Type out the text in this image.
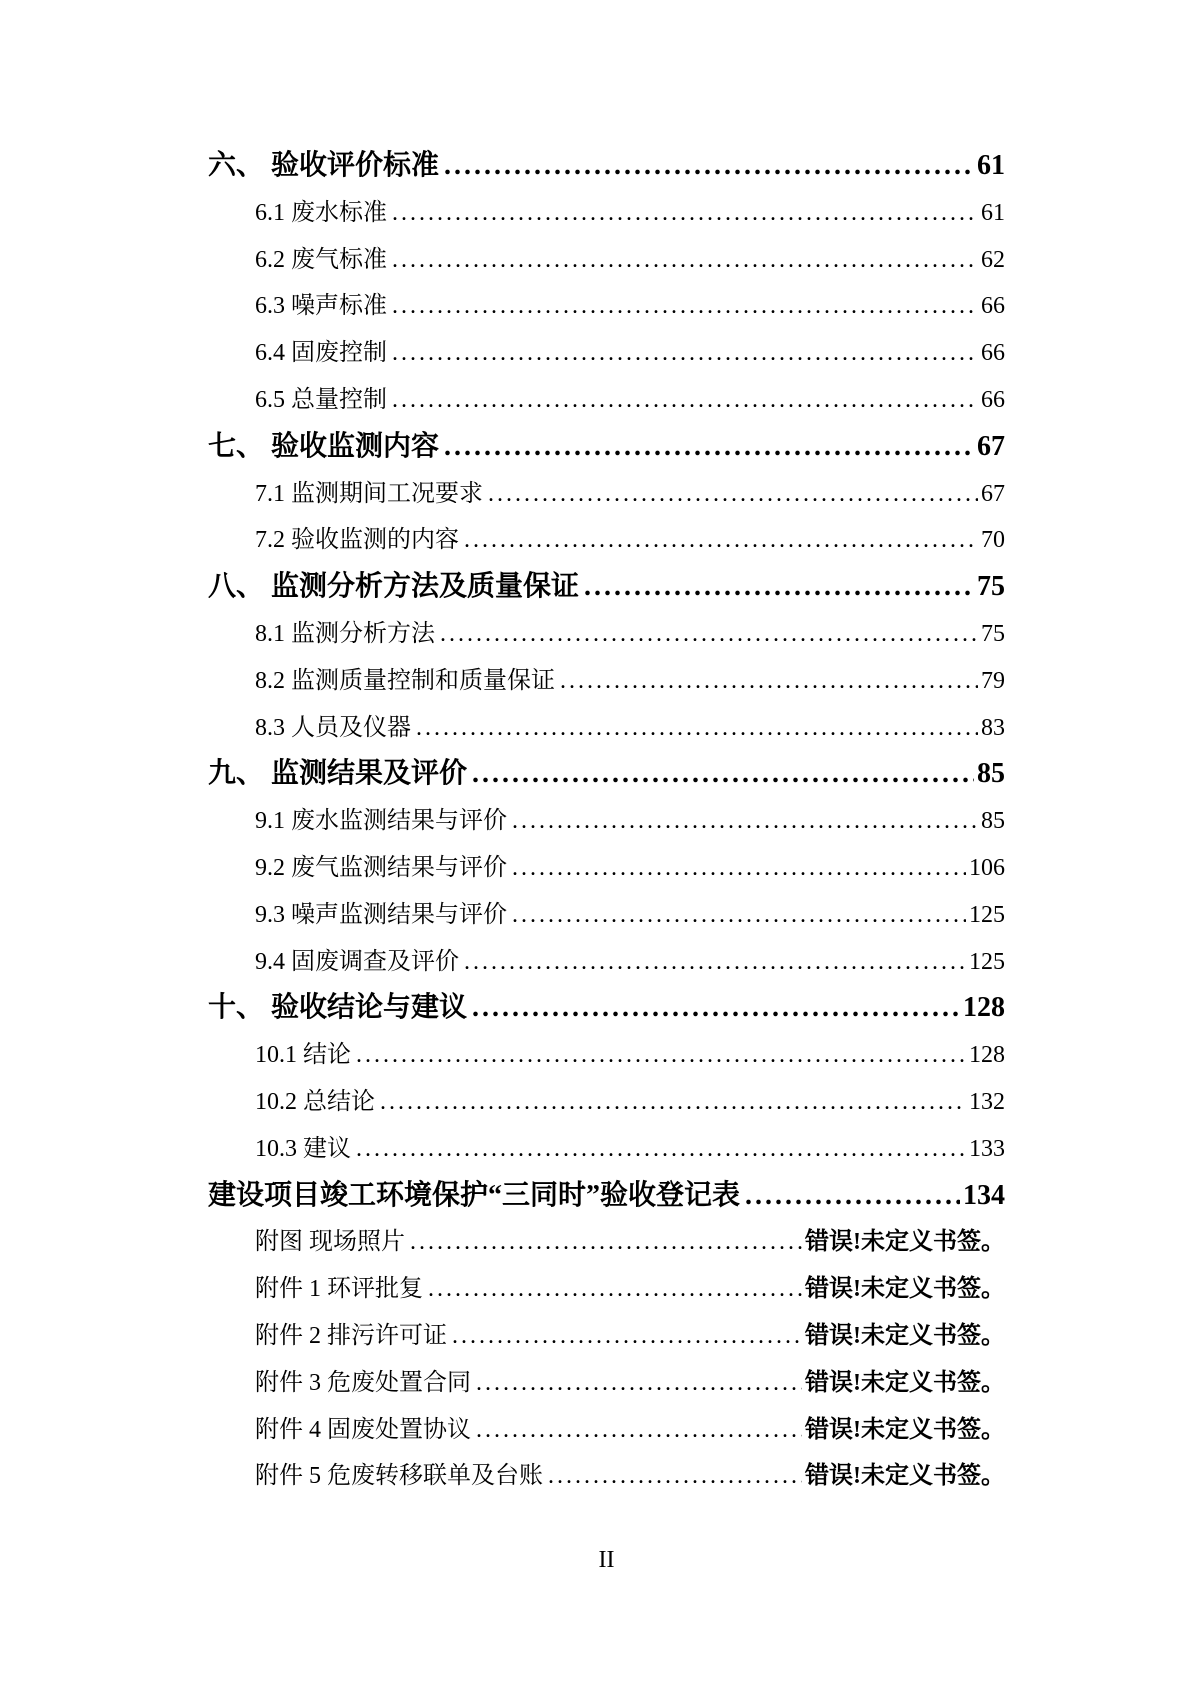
六、 验收评价标准 .....	61
6.1 废水标准 .....	61
6.2 废气标准 .....	62
6.3 噪声标准 .....	66
6.4 固废控制 .....	66
6.5 总量控制 .....	66
七、 验收监测内容 .....	67
7.1 监测期间工况要求 .....	67
7.2 验收监测的内容 .....	70
八、 监测分析方法及质量保证 .....	75
8.1 监测分析方法 .....	75
8.2 监测质量控制和质量保证 .....	79
8.3 人员及仪器 .....	83
九、 监测结果及评价 .....	85
9.1 废水监测结果与评价 .....	85
9.2 废气监测结果与评价 .....	106
9.3 噪声监测结果与评价 .....	125
9.4 固废调查及评价 .....	125
十、 验收结论与建议 .....	128
10.1 结论 .....	128
10.2 总结论 .....	132
10.3 建议 .....	133
建设项目竣工环境保护“三同时”验收登记表 .....	134
附图 现场照片 .....	错误!未定义书签。
附件 1 环评批复 .....	错误!未定义书签。
附件 2 排污许可证 .....	错误!未定义书签。
附件 3 危废处置合同 .....	错误!未定义书签。
附件 4 固废处置协议 .....	错误!未定义书签。
附件 5 危废转移联单及台账 .....	错误!未定义书签。
II
